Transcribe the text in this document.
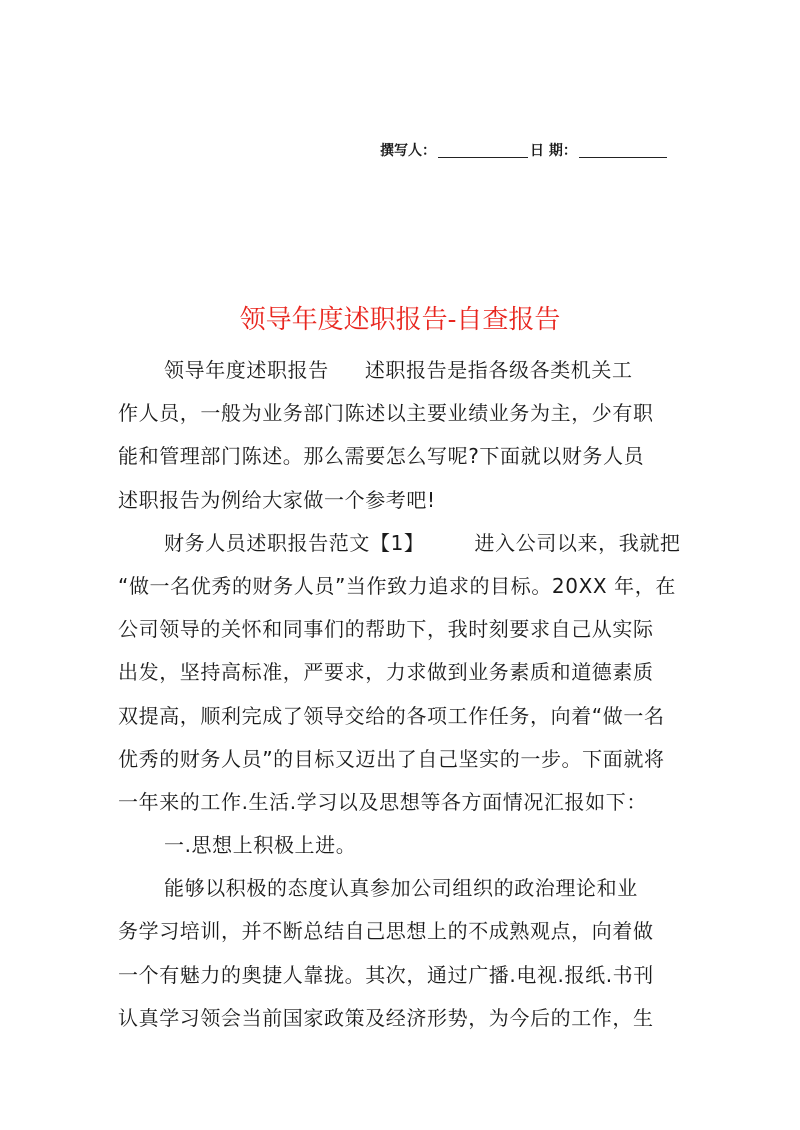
撰写人：	日 期：
领导年度述职报告-自查报告
领导年度述职报告 述职报告是指各级各类机关工
作人员，一般为业务部门陈述以主要业绩业务为主，少有职
能和管理部门陈述。那么需要怎么写呢?下面就以财务人员
述职报告为例给大家做一个参考吧!
财务人员述职报告范文【1】	进入公司以来，我就把
“做一名优秀的财务人员”当作致力追求的目标。20XX 年，在
公司领导的关怀和同事们的帮助下，我时刻要求自己从实际
出发，坚持高标准，严要求，力求做到业务素质和道德素质
双提高，顺利完成了领导交给的各项工作任务，向着“做一名
优秀的财务人员”的目标又迈出了自己坚实的一步。下面就将
一年来的工作.生活.学习以及思想等各方面情况汇报如下：
一.思想上积极上进。
能够以积极的态度认真参加公司组织的政治理论和业
务学习培训，并不断总结自己思想上的不成熟观点，向着做
一个有魅力的奥捷人靠拢。其次，通过广播.电视.报纸.书刊
认真学习领会当前国家政策及经济形势，为今后的工作，生
